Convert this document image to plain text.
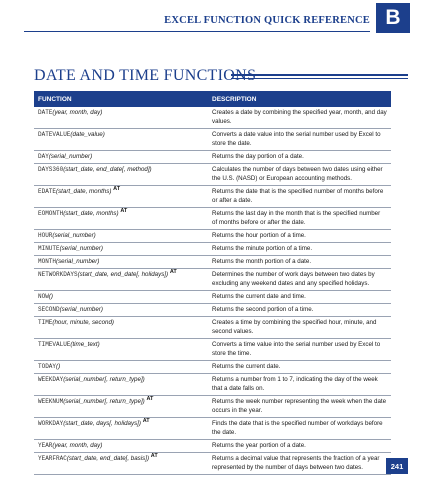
EXCEL FUNCTION QUICK REFERENCE B
DATE AND TIME FUNCTIONS
FUNCTION	DESCRIPTION
DATE(year, month, day)	Creates a date by combining the specified year, month, and day values.
DATEVALUE(date_value)	Converts a date value into the serial number used by Excel to store the date.
DAY(serial_number)	Returns the day portion of a date.
DAYS360(start_date, end_date[, method])	Calculates the number of days between two dates using either the U.S. (NASD) or European accounting methods.
EDATE(start_date, months) AT	Returns the date that is the specified number of months before or after a date.
EOMONTH(start_date, months) AT	Returns the last day in the month that is the specified number of months before or after the date.
HOUR(serial_number)	Returns the hour portion of a time.
MINUTE(serial_number)	Returns the minute portion of a time.
MONTH(serial_number)	Returns the month portion of a date.
NETWORKDAYS(start_date, end_date[, holidays]) AT	Determines the number of work days between two dates by excluding any weekend dates and any specified holidays.
NOW()	Returns the current date and time.
SECOND(serial_number)	Returns the second portion of a time.
TIME(hour, minute, second)	Creates a time by combining the specified hour, minute, and second values.
TIMEVALUE(time_text)	Converts a time value into the serial number used by Excel to store the time.
TODAY()	Returns the current date.
WEEKDAY(serial_number[, return_type])	Returns a number from 1 to 7, indicating the day of the week that a date falls on.
WEEKNUM(serial_number[, return_type]) AT	Returns the week number representing the week when the date occurs in the year.
WORKDAY(start_date, days[, holidays]) AT	Finds the date that is the specified number of workdays before the date.
YEAR(year, month, day)	Returns the year portion of a date.
YEARFRAC(start_date, end_date[, basis]) AT	Returns a decimal value that represents the fraction of a year represented by the number of days between two dates.	241
